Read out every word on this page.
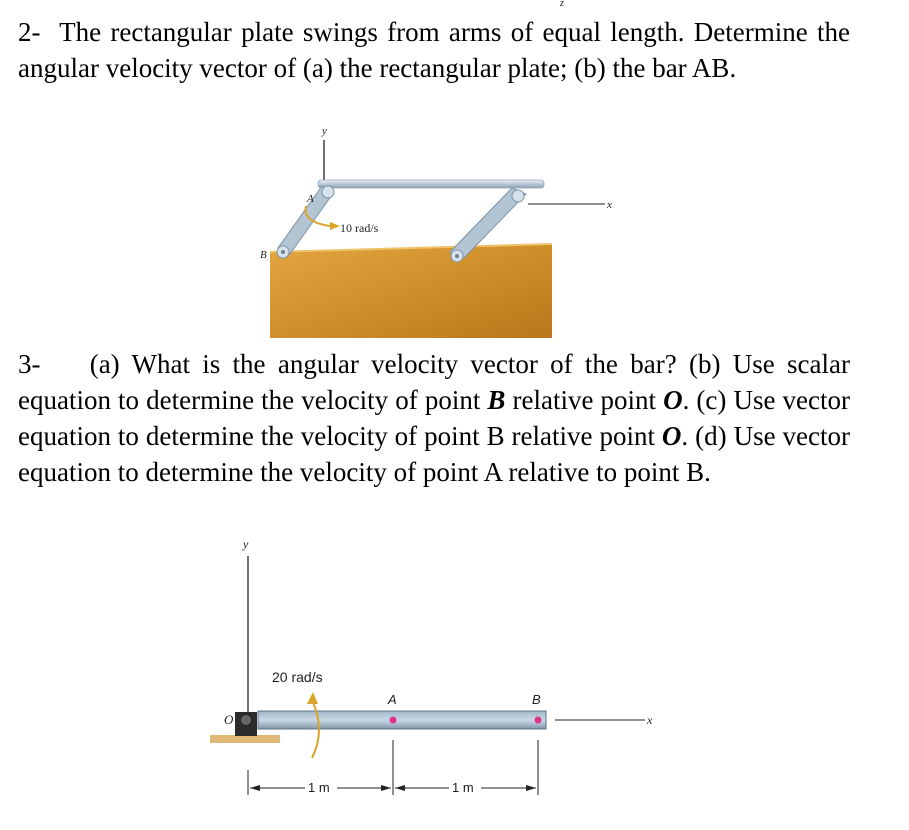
2- The rectangular plate swings from arms of equal length. Determine the angular velocity vector of (a) the rectangular plate; (b) the bar AB.
y
z
x
A
B
10 rad/s
3- (a) What is the angular velocity vector of the bar? (b) Use scalar equation to determine the velocity of point B relative point O. (c) Use vector equation to determine the velocity of point B relative point O. (d) Use vector equation to determine the velocity of point A relative to point B.
y
x
20 rad/s
O
A	B
1 m	1 m
